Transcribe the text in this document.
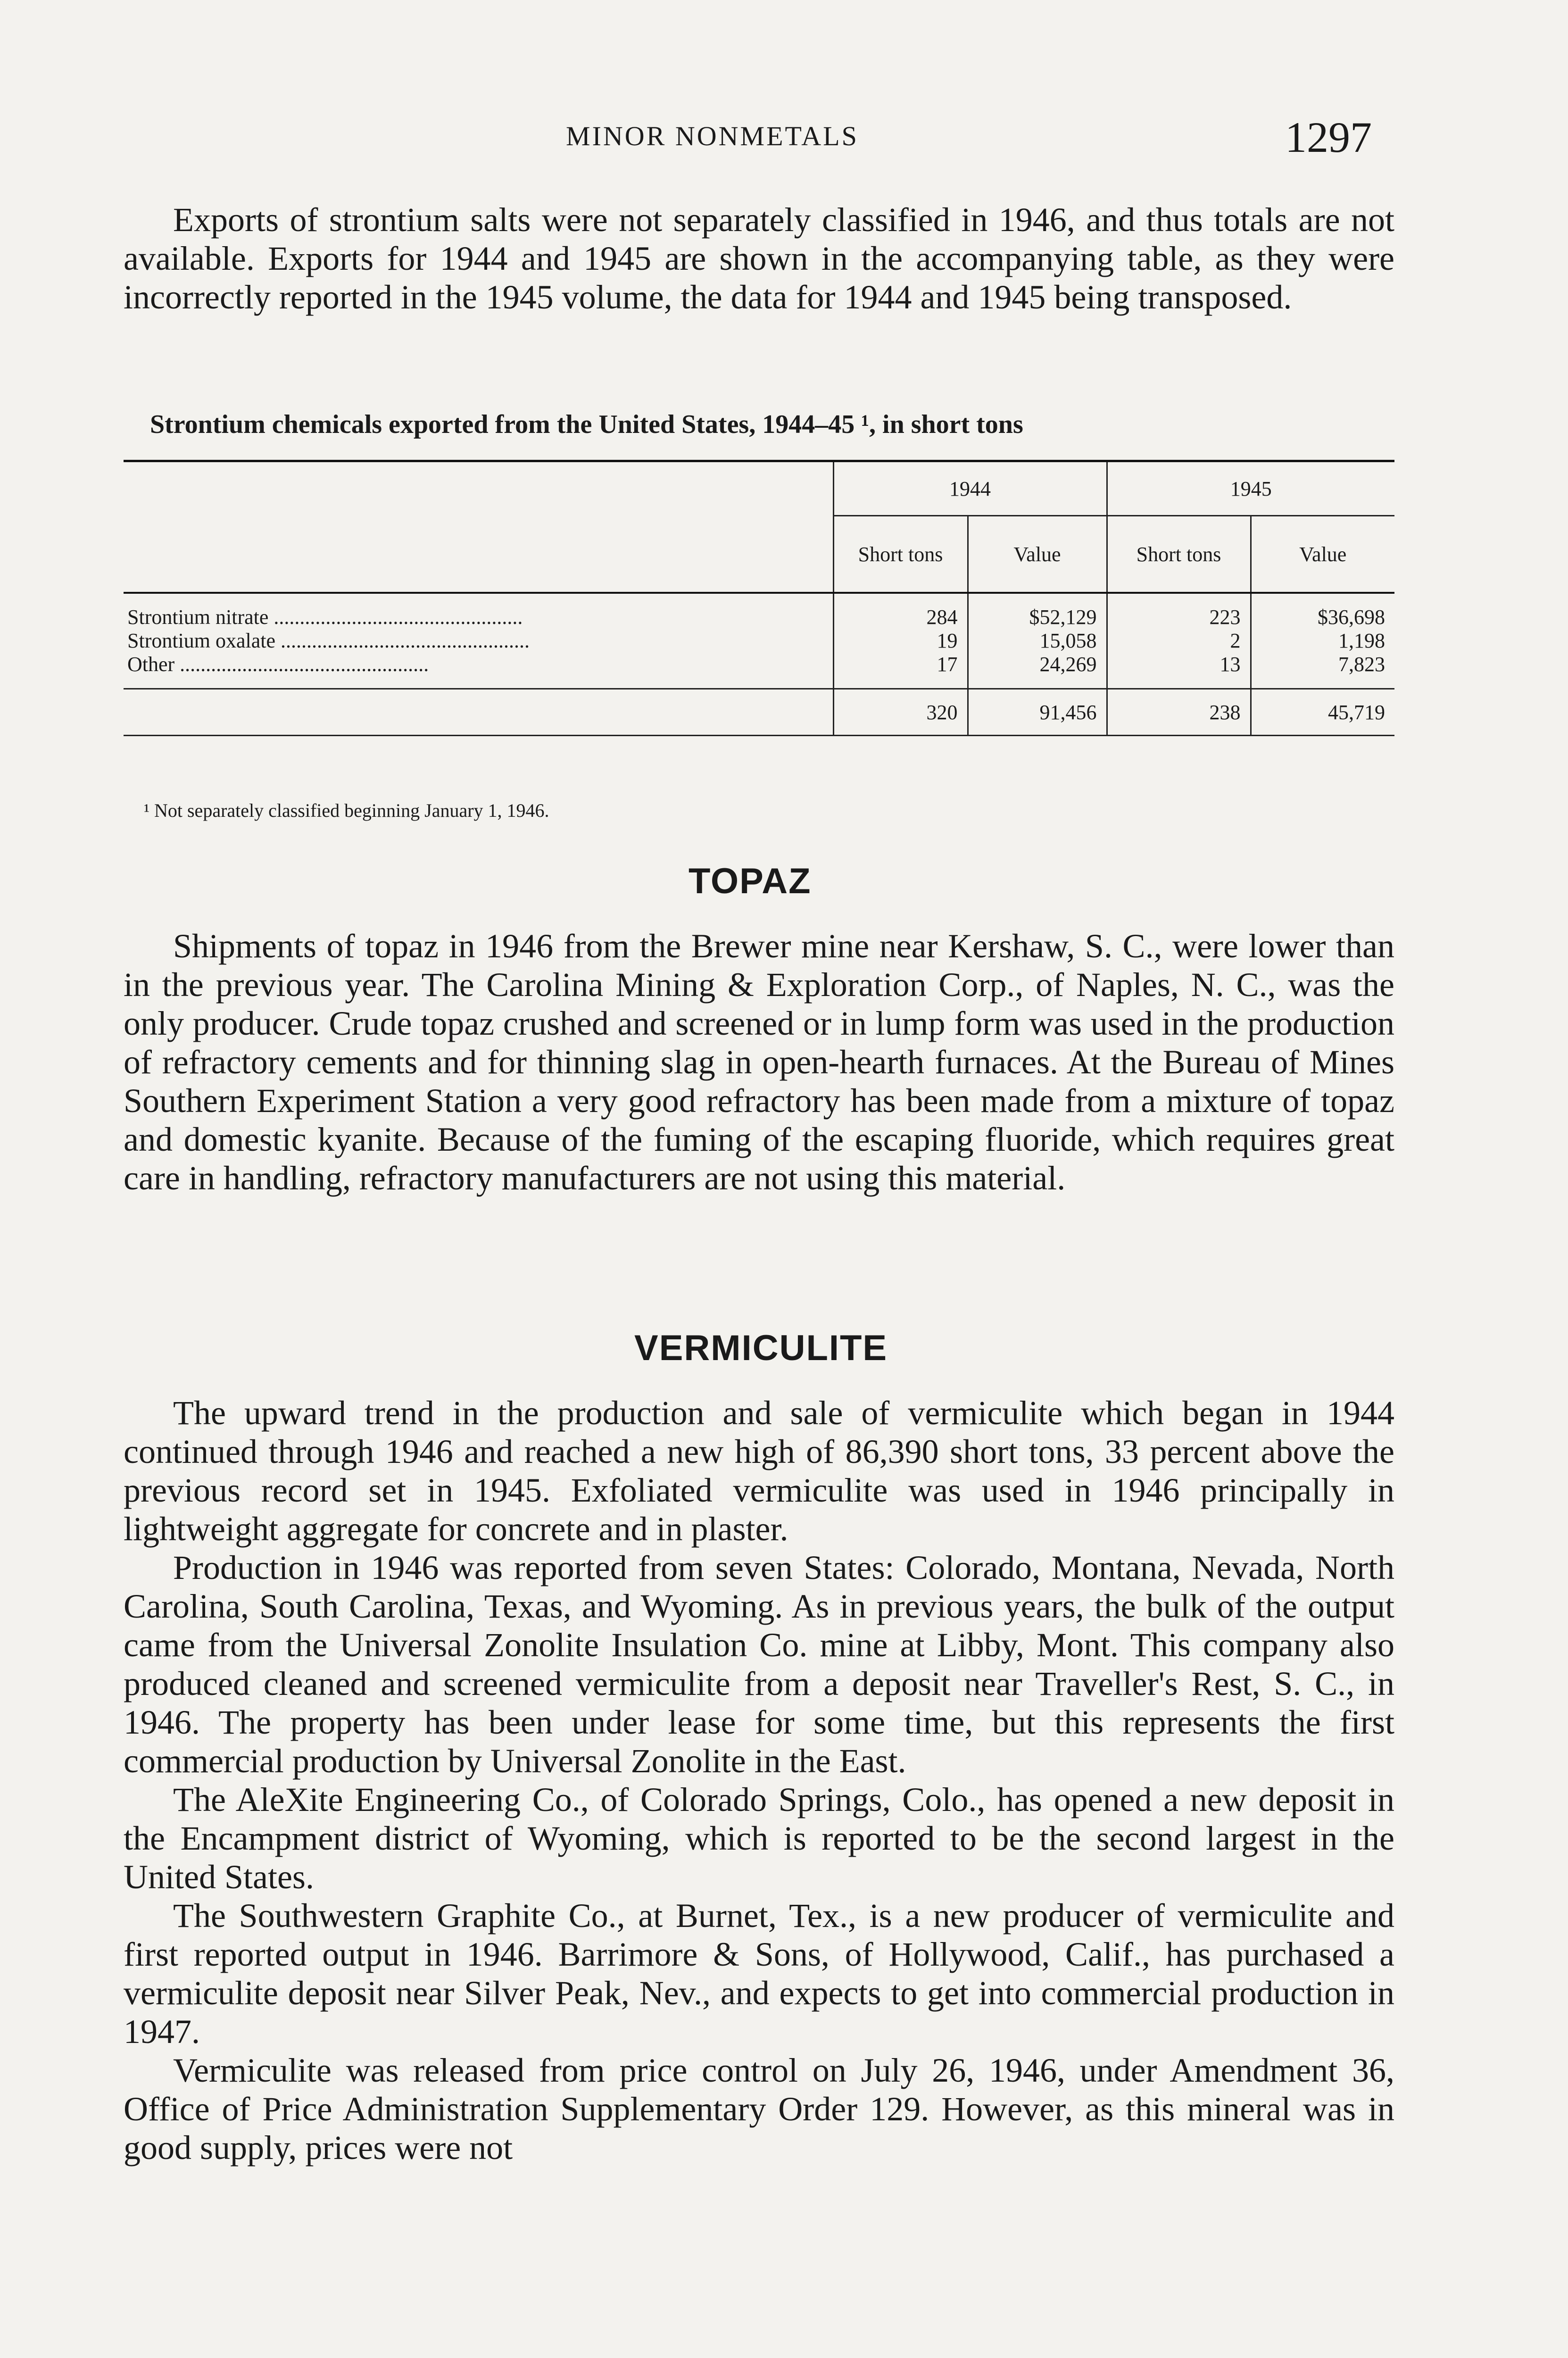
MINOR NONMETALS	1297

Exports of strontium salts were not separately classified in 1946, and thus totals are not available. Exports for 1944 and 1945 are shown in the accompanying table, as they were incorrectly reported in the 1945 volume, the data for 1944 and 1945 being transposed.

Strontium chemicals exported from the United States, 1944–45 ¹, in short tons
	1944		1945	
	Short tons	Value	Short tons	Value
Strontium nitrate ................................................	284	$52,129	223	$36,698
Strontium oxalate ................................................	19	15,058	2	1,198
Other ................................................	17	24,269	13	7,823
	320	91,456	238	45,719
¹ Not separately classified beginning January 1, 1946.
TOPAZ

Shipments of topaz in 1946 from the Brewer mine near Kershaw, S. C., were lower than in the previous year. The Carolina Mining & Exploration Corp., of Naples, N. C., was the only producer. Crude topaz crushed and screened or in lump form was used in the production of refractory cements and for thinning slag in open-hearth furnaces. At the Bureau of Mines Southern Experiment Station a very good refractory has been made from a mixture of topaz and domestic kyanite. Because of the fuming of the escaping fluoride, which requires great care in handling, refractory manufacturers are not using this material.

VERMICULITE

The upward trend in the production and sale of vermiculite which began in 1944 continued through 1946 and reached a new high of 86,390 short tons, 33 percent above the previous record set in 1945. Exfoliated vermiculite was used in 1946 principally in lightweight aggregate for concrete and in plaster.

Production in 1946 was reported from seven States: Colorado, Montana, Nevada, North Carolina, South Carolina, Texas, and Wyoming. As in previous years, the bulk of the output came from the Universal Zonolite Insulation Co. mine at Libby, Mont. This company also produced cleaned and screened vermiculite from a deposit near Traveller's Rest, S. C., in 1946. The property has been under lease for some time, but this represents the first commercial production by Universal Zonolite in the East.

The AleXite Engineering Co., of Colorado Springs, Colo., has opened a new deposit in the Encampment district of Wyoming, which is reported to be the second largest in the United States.

The Southwestern Graphite Co., at Burnet, Tex., is a new producer of vermiculite and first reported output in 1946. Barrimore & Sons, of Hollywood, Calif., has purchased a vermiculite deposit near Silver Peak, Nev., and expects to get into commercial production in 1947.

Vermiculite was released from price control on July 26, 1946, under Amendment 36, Office of Price Administration Supplementary Order 129. However, as this mineral was in good supply, prices were not
